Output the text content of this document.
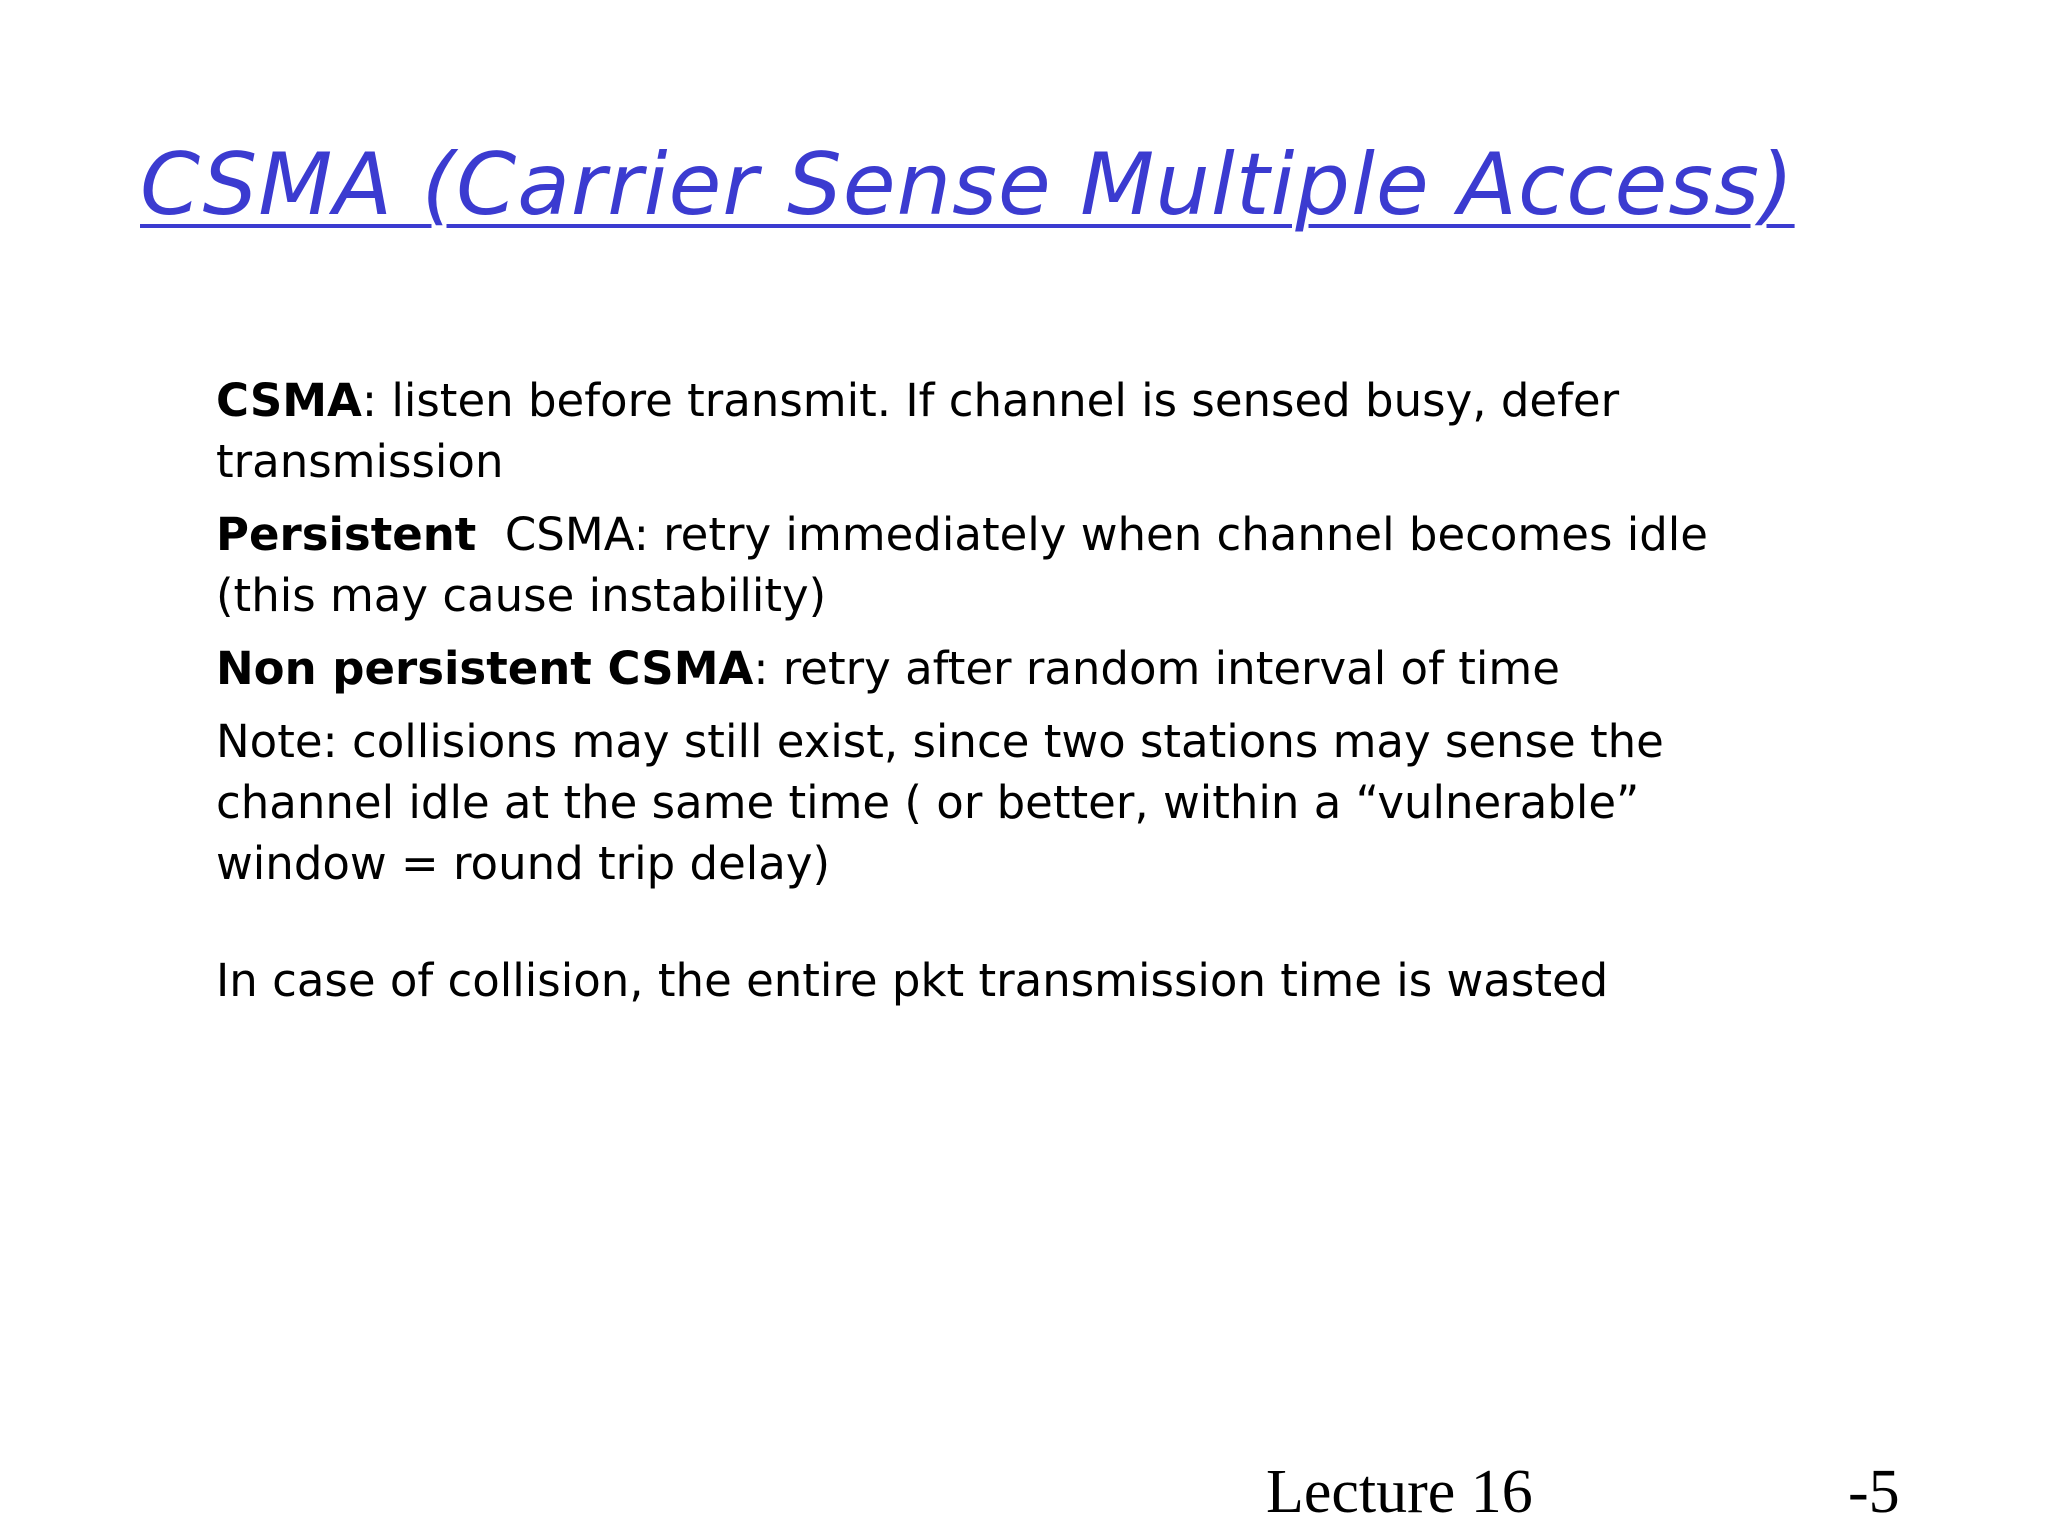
CSMA (Carrier Sense Multiple Access)

CSMA: listen before transmit. If channel is sensed busy, defer transmission

Persistent  CSMA: retry immediately when channel becomes idle (this may cause instability)

Non persistent CSMA: retry after random interval of time

Note: collisions may still exist, since two stations may sense the channel idle at the same time ( or better, within a “vulnerable” window = round trip delay)

In case of collision, the entire pkt transmission time is wasted

Lecture 16	-5
